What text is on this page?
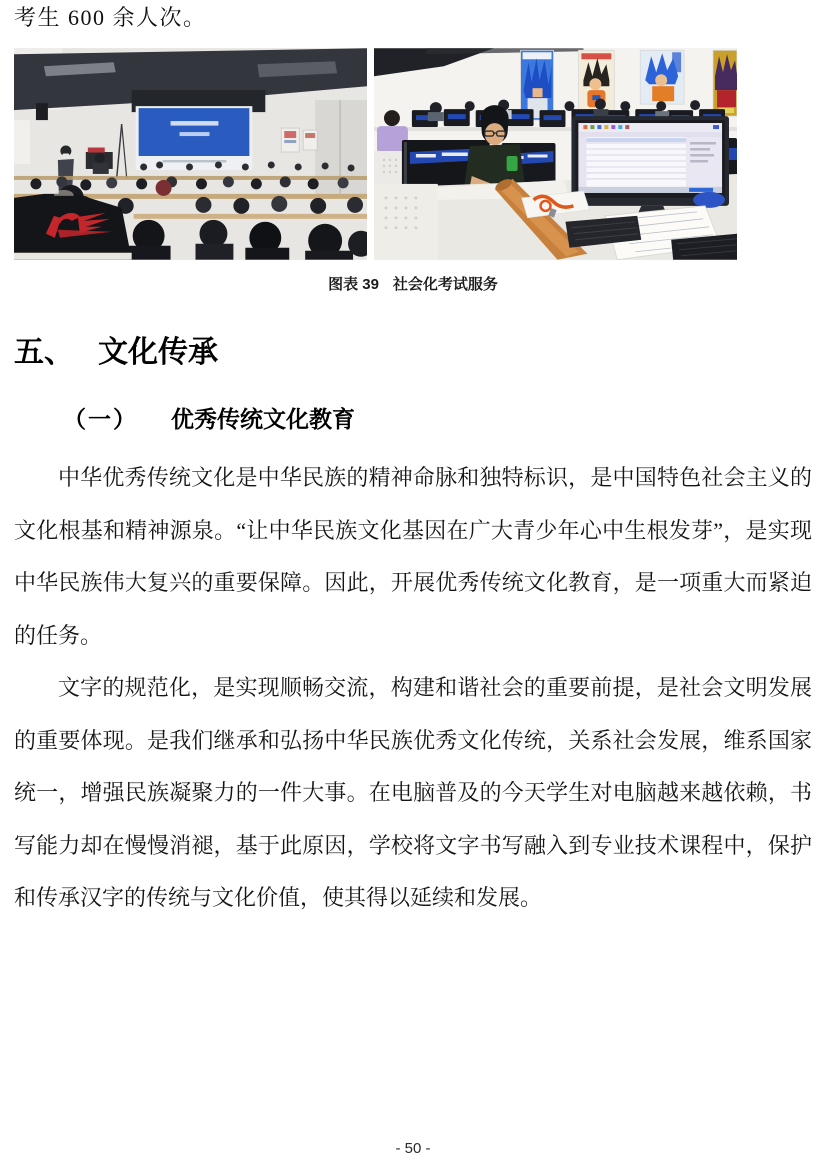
考生 600 余人次。
图表 39 社会化考试服务
五、 文化传承
（一） 优秀传统文化教育

中华优秀传统文化是中华民族的精神命脉和独特标识，是中国特色社会主义的文化根基和精神源泉。“让中华民族文化基因在广大青少年心中生根发芽”，是实现中华民族伟大复兴的重要保障。因此，开展优秀传统文化教育，是一项重大而紧迫的任务。

文字的规范化，是实现顺畅交流，构建和谐社会的重要前提，是社会文明发展的重要体现。是我们继承和弘扬中华民族优秀文化传统，关系社会发展，维系国家统一，增强民族凝聚力的一件大事。在电脑普及的今天学生对电脑越来越依赖，书写能力却在慢慢消褪，基于此原因，学校将文字书写融入到专业技术课程中，保护和传承汉字的传统与文化价值，使其得以延续和发展。

- 50 -
